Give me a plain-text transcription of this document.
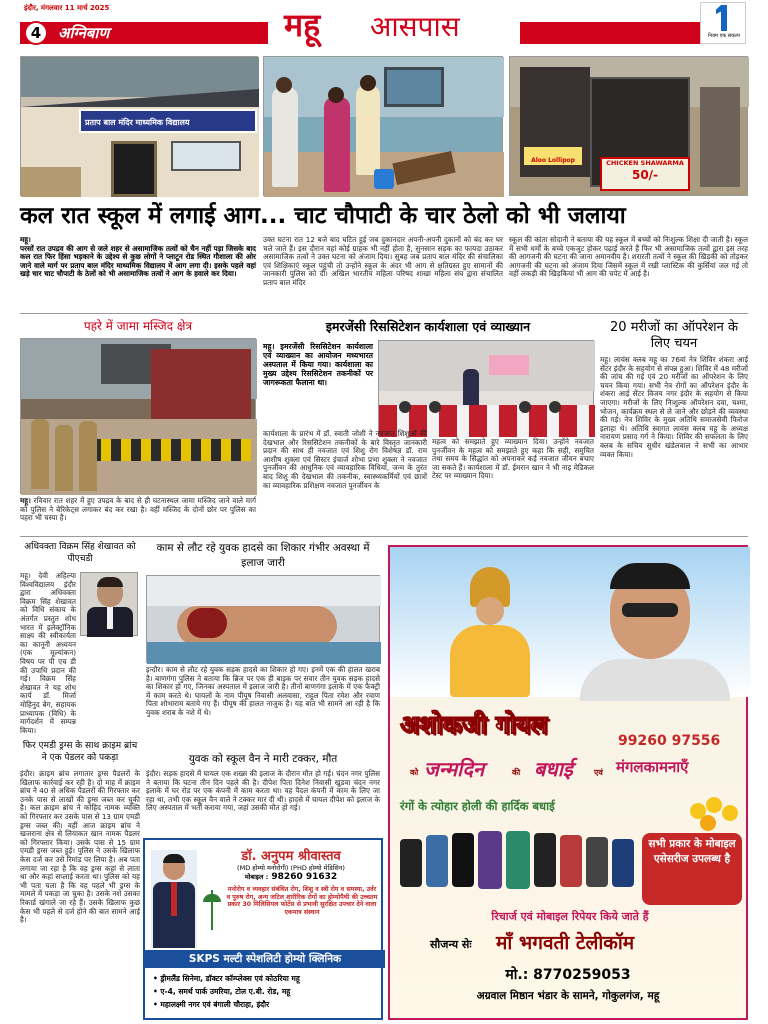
इंदौर, मंगलवार 11 मार्च 2025
4	अग्निबाण	महू आसपास	नियम एक संकल्प
प्रताप बाल मंदिर माध्यमिक विद्यालय
CHICKEN SHAWARMA
50/-
Aloo Lollipop
कल रात स्कूल में लगाई आग... चाट चौपाटी के चार ठेलो को भी जलाया
महू।
परसों रात उपद्रव की आग से जले शहर से असामाजिक तत्वों को चैन नहीं पड़ा जिसके बाद कल रात फिर हिंसा भड़काने के उद्देश्य से कुछ लोगों ने प्लाटून रोड स्थित गौशाला की ओर जाने वाले मार्ग पर प्रताप बाल मंदिर माध्यमिक विद्यालय में आग लगा दी। इसके पहले वहां खड़े चार चाट चौपाटी के ठेलों को भी असामाजिक तत्वों ने आग के हवाले कर दिया।
उक्त घटना रात 12 बजे बाद घटित हुई जब दुकानदार अपनी-अपनी दुकानों को बंद कर घर चले जाते हैं। इस दौरान वहां कोई ग्राहक भी नहीं होता है, सुनसान सड़क का फायदा उठाकर असामाजिक तत्वों ने उक्त घटना को अंजाम दिया। सुबह जब प्रताप बाल मंदिर की संचालिका एवं शिक्षिकाएं स्कूल पहुंची तो उन्होंने स्कूल के अंदर भी आग से क्षतिग्रस्त हुए सामानों की जानकारी पुलिस को दी। अखिल भारतीय महिला परिषद शाखा महिला संघ द्वारा संचालित प्रताप बाल मंदिर
स्कूल की कांता सोदानी ने बताया की यह स्कूल में बच्चों को निःशुल्क शिक्षा दी जाती है। स्कूल में सभी धर्मों के बच्चे एकजुट होकर पढ़ाई करते हैं फिर भी असामाजिक तत्वों द्वारा इस तरह की आगजनी की घटना की जाना अमानवीय है। शरारती तत्वों ने स्कूल की खिड़की को तोड़कर आगजनी की घटना को अंजाम दिया जिसमें स्कूल में रखी प्लास्टिक की कुर्सियां जल गई तो वहीं लकड़ी की खिड़कियां भी आग की चपेट में आई है।
पहरे में जामा मस्जिद क्षेत्र
महू। रविवार रात शहर में हुए उपद्रव के बाद से ही घटनास्थल जामा मस्जिद जाने वाले मार्ग को पुलिस ने बेरिकेट्स लगाकर बंद कर रखा है। वहीं मस्जिद के दोनों छोर पर पुलिस का पहरा भी चस्पा है।
इमरजेंसी रिससिटेशन कार्यशाला एवं व्याख्यान
महू। इमरजेंसी रिससिटेशन कार्यशाला एवं व्याख्यान का आयोजन मध्यभारत अस्पताल में किया गया। कार्यशाला का मुख्य उद्देश्य रिससिटेशन तकनीकों पर जागरूकता फैलाना था।
कार्यशाला के प्रारंभ में डॉ. स्वाती जोशी ने नवजात शिशुओं की देखभाल और रिससिटेशन तकनीकों के बारे विस्तृत जानकारी प्रदान की साथ ही नवजात एवं शिशु रोग विशेषज्ञ डॉ. राम आशीष शुक्ला एवं सिस्टर इंचार्ज शोभा प्रभा शुक्ला ने नवजात पुनर्जीवन की आधुनिक एवं व्यावहारिक विधियां, जन्म के तुरंत बाद शिशु की देखभाल की तकनीक, स्वास्थ्यकर्मियों एवं छात्रों का व्यावहारिक प्रशिक्षण नवजात पुनर्जीवन के
महत्व को समझाते हुए व्याख्यान दिया। उन्होंने नवजात पुनर्जीवन के महत्व को समझाते हुए कहा कि सही, समुचित तथा समय के सिद्धांत को अपनाकर कई नवजात जीवन बचाए जा सकते हैं। कार्यशाला में डॉ. ईमरान खान ने भी नाइ मेडिकल टेस्ट पर व्याख्यान दिया।
20 मरीजों का ऑपरेशन के लिए चयन
महू। लायंस क्लब महू का 76वां नेत्र शिविर शंकरा आई सेंटर इंदौर के सहयोग से संपन्न हुआ। शिविर में 48 मरीजों की जांच की गई एवं 20 मरीजों का ऑपरेशन के लिए चयन किया गया। सभी नेत्र रोगों का ऑपरेशन इंदौर के शंकरा आई सेंटर विजय नगर इंदौर के सहयोग से किया जाएगा। मरीजों के लिए निःशुल्क ऑपरेशन दवा, चश्मा, भोजन, कार्यक्रम स्थल से ले जाने और छोड़ने की व्यवस्था की गई। नेत्र शिविर के मुख्य अतिथि समाजसेवी फिरोज इलाहा थे। अतिथि स्वागत लायंस क्लब महू के अध्यक्ष नारायण प्रसाद गर्ग ने किया। शिविर की सफलता के लिए क्लब के सचिव सुधीर खंडेलवाल ने सभी का आभार व्यक्त किया।
अधिवक्ता विक्रम सिंह शेखावत को पीएचडी
महू। देवी अहिल्या विश्वविद्यालय इंदौर द्वारा अधिवक्ता विक्रम सिंह शेखावत को विधि संकाय के अंतर्गत प्रस्तुत शोध भारत में इलेक्ट्रॉनिक साक्ष्य की स्वीकार्यता का कानूनी अध्ययन (एक मूल्यांकन) विषय पर पी एच डी की उपाधि प्रदान की गई। विक्रम सिंह शेखावत ने यह शोध कार्य डॉ. मिर्जा मोहिनुद बेग, सहायक प्राध्यापक (विधि) के मार्गदर्शन में सम्पन्न किया।
काम से लौट रहे युवक हादसे का शिकार गंभीर अवस्था में इलाज जारी
इन्दौर। काम से लौट रहे युवक सड़क हादसे का शिकार हो गए। इनमें एक की हालत खराब है। बाणगंगा पुलिस ने बताया कि ब्रिज पर एक ही बाइक पर सवार तीन युवक सड़क हादसे का शिकार हो गए, जिनका अस्पताल में इलाज जारी है। तीनों बाणगंगा इलाके में एक फैक्ट्री में काम करते थे। घायलों के नाम पीयूष निवासी अलवासा, राहुल पिता रमेश और रवाण पिता शोभाराम बताये गए हैं। पीयूष की हालत नाजुक है। यह बात भी सामने आ रही है कि युवक शराब के नशे में थे।
फिर एमडी ड्रग्स के साथ क्राइम ब्रांच ने एक पेडलर को पकड़ा
इंदौर। क्राइम ब्रांच लगातार ड्रग्स पैडलरों के खिलाफ कार्रवाई कर रही है। दो माह में क्राइम ब्रांच ने 40 से अधिक पैडलरों की गिरफ्तार कर उनके पास से लाखों की ड्रग्स जब्त कर चुकी है। कल क्राइम ब्रांच ने कोहिद नामक व्यक्ति को गिरफ्तार कर उसके पास से 13 ग्राम एमडी ड्रग्स जब्त की। वहीं आज क्राइम ब्रांच ने खजराना क्षेत्र से लियाकत खान नामक पैडलर को गिरफ्तार किया। उसके पास से 15 ग्राम एमडी ड्रग्स जब्त हुई। पुलिस ने उसके खिलाफ केस दर्ज कर उसे रिमांड पर लिया है। अब पता लगाया जा रहा है कि वह ड्रग्स कहां से लाता था और कहां सप्लाई करता था। पुलिस को यह भी पता चला है कि वह पहले भी ड्रग्स के मामले में पकड़ा जा चुका है। उसके नशे उसका रिकार्ड खंगाले जा रहे हैं। उसके खिलाफ कुछ केस भी पहले से दर्ज होने की बात सामने आई है।
युवक को स्कूल वैन ने मारी टक्कर, मौत
इंदौर। सड़क हादसे में घायल एक शख्स की इलाज के दौरान मौत हो गई। चंदन नगर पुलिस ने बताया कि घटना तीन दिन पहले की है। दीपेश पिता दिनेश निवासी खुडवा चंदन नगर इलाके में घर रोड पर एक कंपनी में काम करता था। वह पैदल कंपनी में काम के लिए जा रहा था, तभी एक स्कूल वैन वाले ने टक्कर मार दी थी। हादसे में घायल दीपेश को इलाज के लिए अस्पताल में भर्ती कराया गया, जहां उसकी मौत हो गई।
डॉ. अनुपम श्रीवास्तव
(MD होम्यो मनोरोगी) (PHD होम्यो मेडिसिन)
मोबाइल : 98260 91632
मनोरोग व व्यवहार संबंधित रोग, शिशु व स्त्री रोग व समस्या, उर्वर व पुरुष रोग, अन्य जटिल शारीरिक रोगों का होम्योपैथी की उच्चतम प्रकार 30 मिलिसियल फोर्टेस से प्रभावी सुरक्षित उपचार देने वाला एकमात्र संस्थान
SKPS मल्टी स्पेशलिटी होम्यो क्लिनिक
• ड्रीमलैंड सिनेमा, डॉक्टर कॉम्प्लेक्स एवं कोठरिया महू
• ए-4, समर्थ पार्क उमरिया, टोल ए.बी. रोड, महू
• महालक्ष्मी नगर एवं बंगाली चौराहा, इंदौर
अशोकजी गोयल
99260 97556
को जन्मदिन	की बधाई	एवं मंगलकामनाएँ
रंगों के त्योहार होली की हार्दिक बधाई
सभी प्रकार के मोबाइल एसेसरीज उपलब्ध है
रिचार्ज एवं मोबाइल रिपेयर किये जाते हैं
सौजन्य सेः माँ भगवती टेलीकॉम
मो.: 8770259053
अग्रवाल मिष्ठान भंडार के सामने, गोकुलगंज, महू
